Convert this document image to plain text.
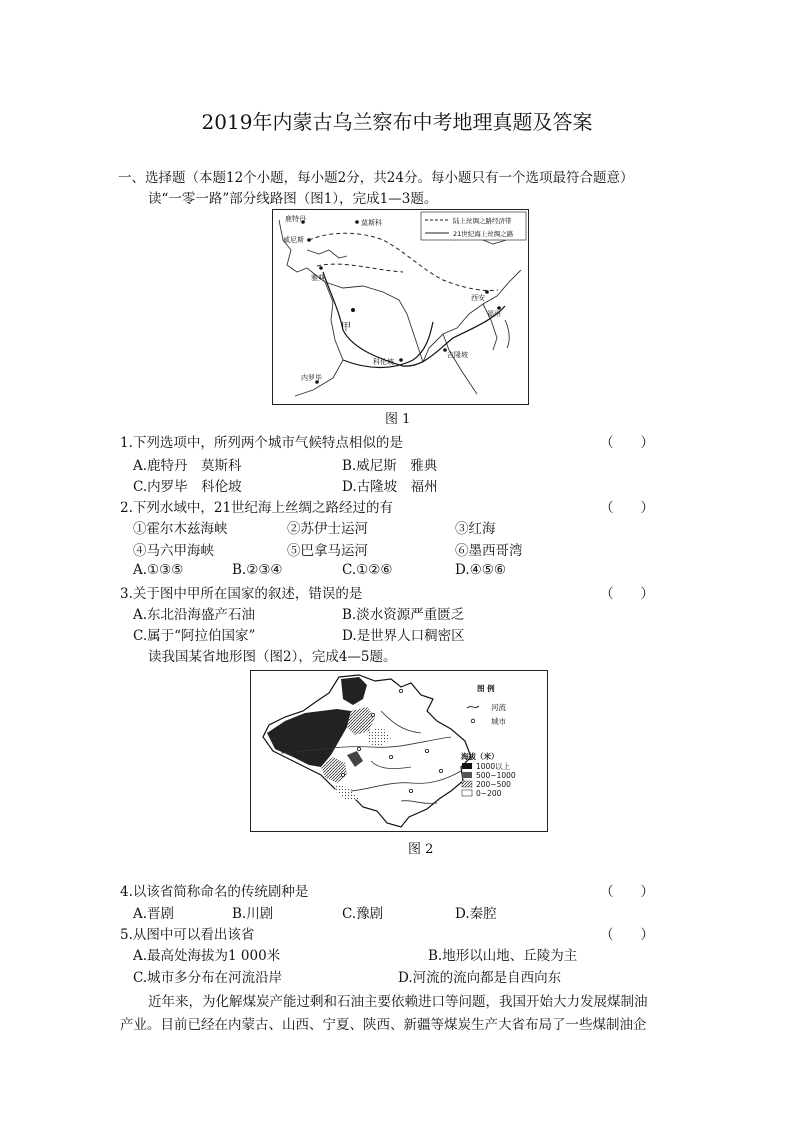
2019年内蒙古乌兰察布中考地理真题及答案
一、选择题（本题12个小题，每小题2分，共24分。每小题只有一个选项最符合题意）
读“一零一路”部分线路图（图1），完成1—3题。
陆上丝绸之路经济带
21世纪海上丝绸之路
鹿特丹	莫斯科
威尼斯
雅典
西安
福州
甲
科伦坡
吉隆坡
内罗毕
图 1
1.下列选项中，所列两个城市气候特点相似的是	（　　）
A.鹿特丹　莫斯科	B.威尼斯　雅典
C.内罗毕　科伦坡	D.古隆坡　福州
2.下列水域中，21世纪海上丝绸之路经过的有	（　　）
①霍尔木兹海峡	②苏伊士运河	③红海
④马六甲海峡	⑤巴拿马运河	⑥墨西哥湾
A.①③⑤	B.②③④	C.①②⑥	D.④⑤⑥
3.关于图中甲所在国家的叙述，错误的是	（　　）
A.东北沿海盛产石油	B.淡水资源严重匮乏
C.属于“阿拉伯国家”	D.是世界人口稠密区
读我国某省地形图（图2），完成4—5题。
图 例
河流
城市
海拔（米）
1000以上
500~1000
200~500
0~200
图 2
4.以该省简称命名的传统剧种是	（　　）
A.晋剧	B.川剧	C.豫剧	D.秦腔
5.从图中可以看出该省	（　　）
A.最高处海拔为1 000米	B.地形以山地、丘陵为主
C.城市多分布在河流沿岸	D.河流的流向都是自西向东
近年来，为化解煤炭产能过剩和石油主要依赖进口等问题，我国开始大力发展煤制油
产业。目前已经在内蒙古、山西、宁夏、陕西、新疆等煤炭生产大省布局了一些煤制油企
